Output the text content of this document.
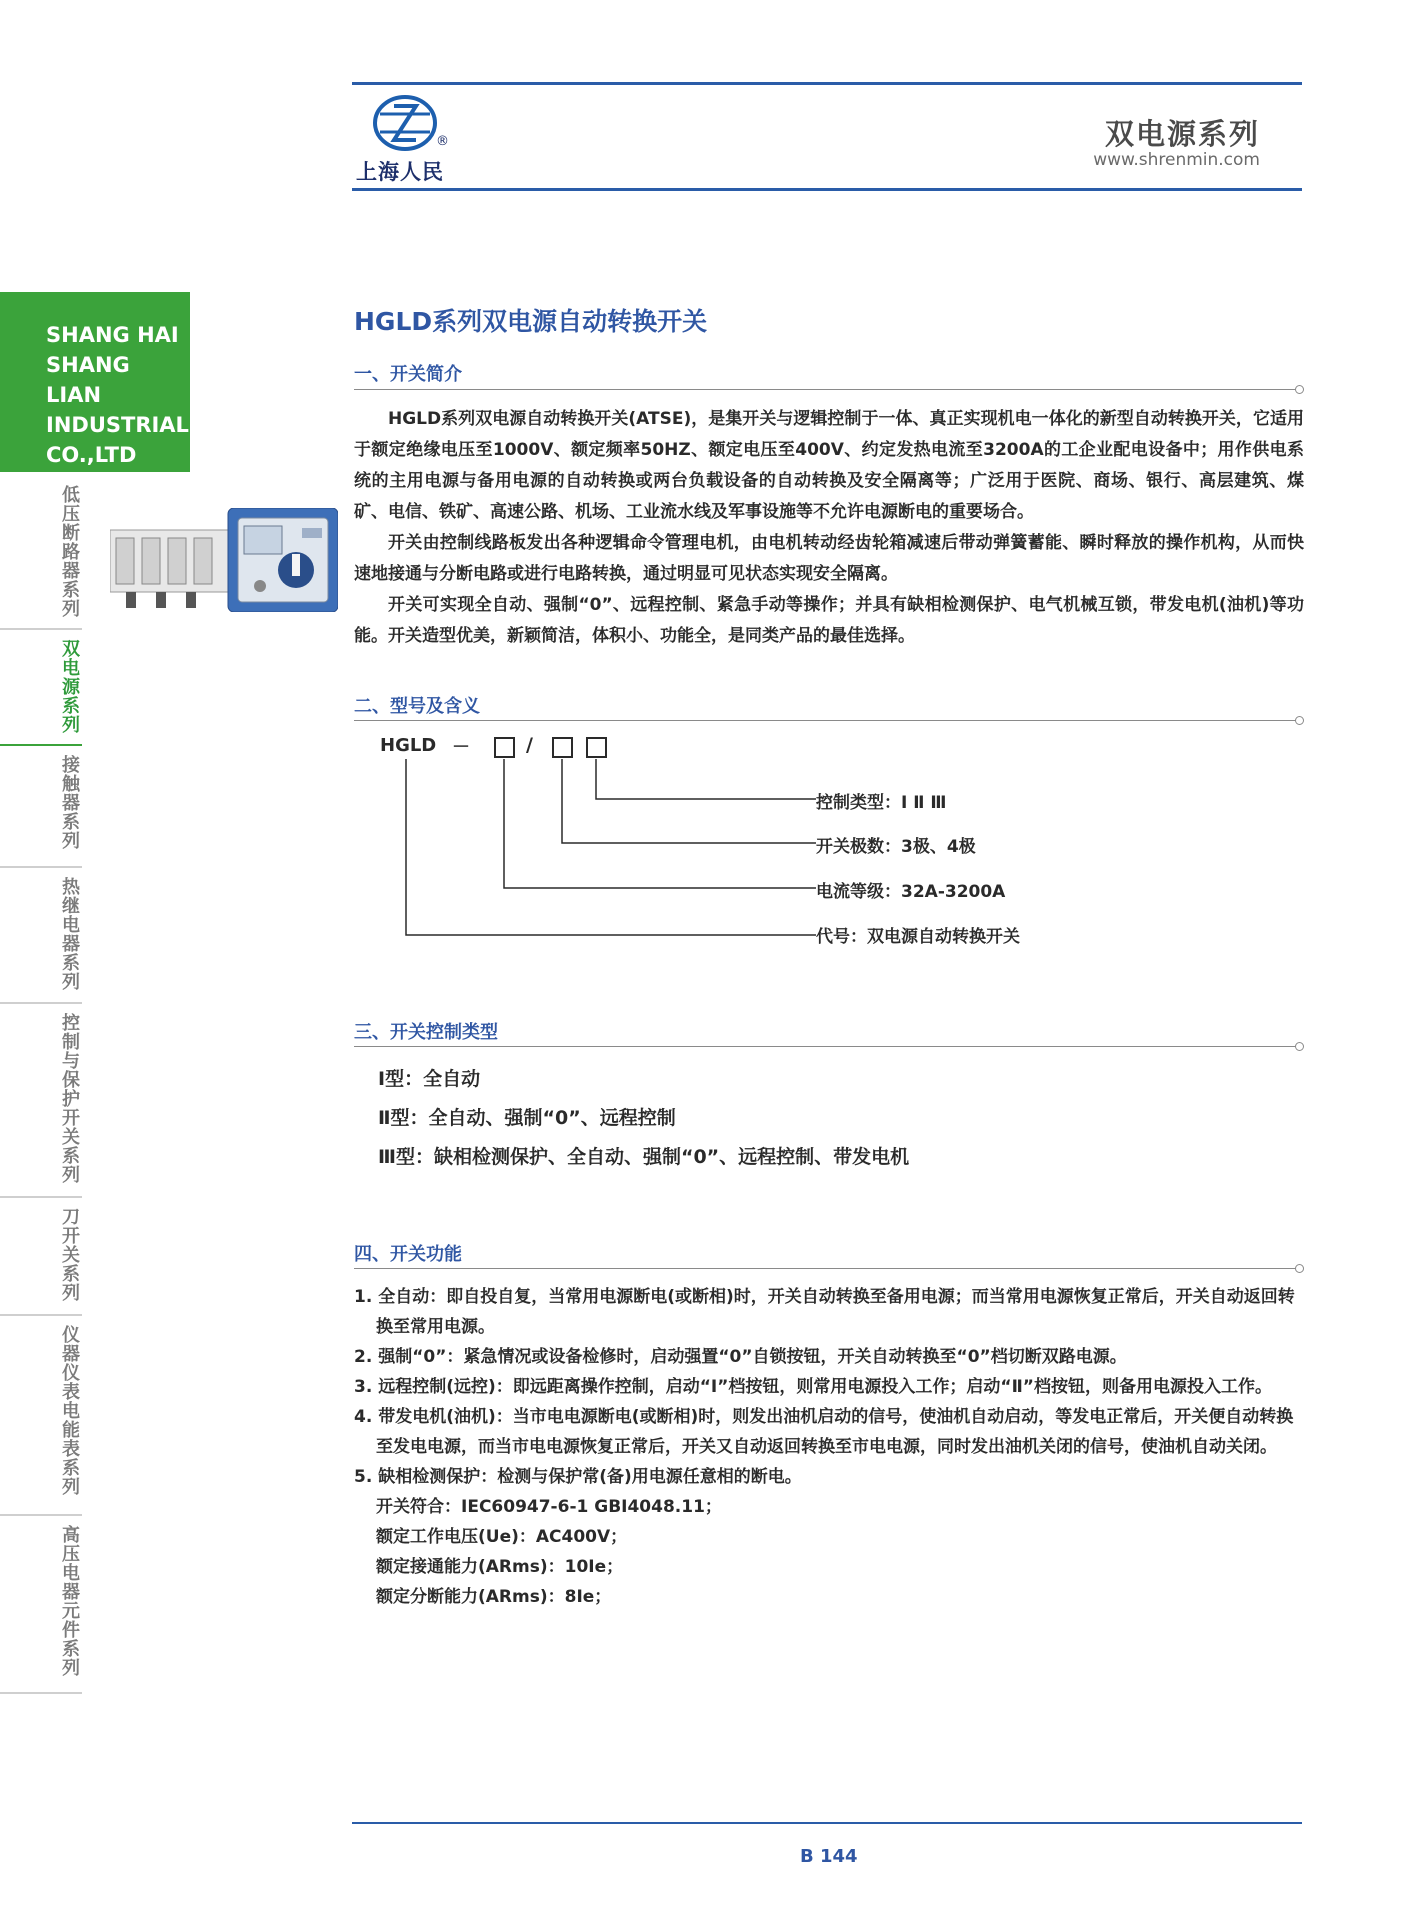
®
上海人民
双电源系列
www.shrenmin.com
SHANG HAI
SHANG LIAN
INDUSTRIAL
CO.,LTD
低压断路器系列
双电源系列
接触器系列
热继电器系列
控制与保护开关系列
刀开关系列
仪器仪表电能表系列
高压电器元件系列
HGLD系列双电源自动转换开关
一、开关简介

HGLD系列双电源自动转换开关(ATSE)，是集开关与逻辑控制于一体、真正实现机电一体化的新型自动转换开关，它适用于额定绝缘电压至1000V、额定频率50HZ、额定电压至400V、约定发热电流至3200A的工企业配电设备中；用作供电系统的主用电源与备用电源的自动转换或两台负载设备的自动转换及安全隔离等；广泛用于医院、商场、银行、高层建筑、煤矿、电信、铁矿、高速公路、机场、工业流水线及军事设施等不允许电源断电的重要场合。

开关由控制线路板发出各种逻辑命令管理电机，由电机转动经齿轮箱减速后带动弹簧蓄能、瞬时释放的操作机构，从而快速地接通与分断电路或进行电路转换，通过明显可见状态实现安全隔离。

开关可实现全自动、强制“0”、远程控制、紧急手动等操作；并具有缺相检测保护、电气机械互锁，带发电机(油机)等功能。开关造型优美，新颖简洁，体积小、功能全，是同类产品的最佳选择。

二、型号及含义
HGLD －	/
控制类型：Ⅰ Ⅱ Ⅲ
开关极数：3极、4极
电流等级：32A-3200A
代号：双电源自动转换开关
三、开关控制类型
Ⅰ型：全自动
Ⅱ型：全自动、强制“0”、远程控制
Ⅲ型：缺相检测保护、全自动、强制“0”、远程控制、带发电机
四、开关功能
1. 全自动：即自投自复，当常用电源断电(或断相)时，开关自动转换至备用电源；而当常用电源恢复正常后，开关自动返回转换至常用电源。
2. 强制“0”：紧急情况或设备检修时，启动强置“0”自锁按钮，开关自动转换至“0”档切断双路电源。
3. 远程控制(远控)：即远距离操作控制，启动“Ⅰ”档按钮，则常用电源投入工作；启动“Ⅱ”档按钮，则备用电源投入工作。
4. 带发电机(油机)：当市电电源断电(或断相)时，则发出油机启动的信号，使油机自动启动，等发电正常后，开关便自动转换至发电电源，而当市电电源恢复正常后，开关又自动返回转换至市电电源，同时发出油机关闭的信号，使油机自动关闭。
5. 缺相检测保护：检测与保护常(备)用电源任意相的断电。
开关符合：IEC60947-6-1 GBI4048.11；
额定工作电压(Ue)：AC400V；
额定接通能力(ARms)：10Ie；
额定分断能力(ARms)：8Ie；
B 144
